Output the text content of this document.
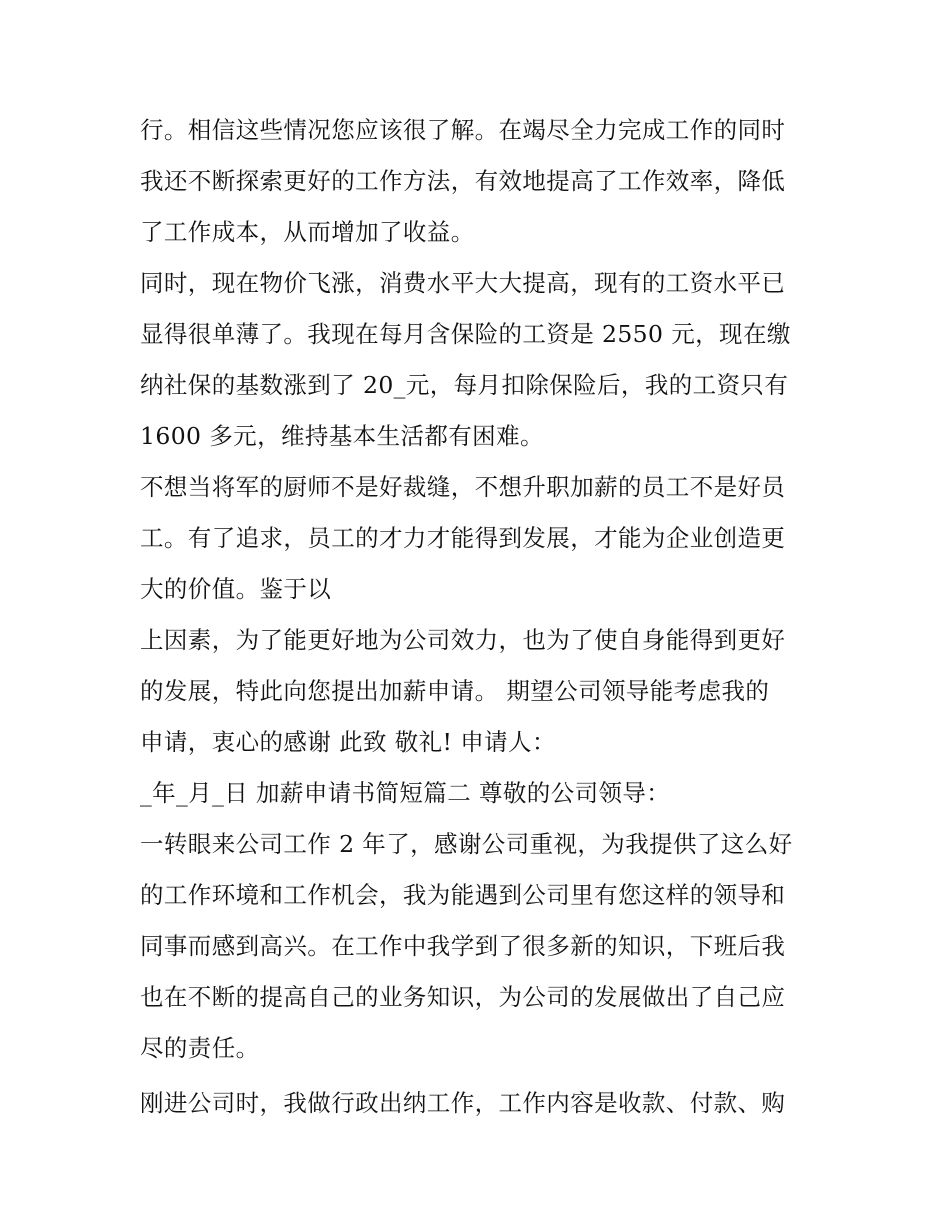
行。相信这些情况您应该很了解。在竭尽全力完成工作的同时
我还不断探索更好的工作方法，有效地提高了工作效率，降低
了工作成本，从而增加了收益。
同时，现在物价飞涨，消费水平大大提高，现有的工资水平已
显得很单薄了。我现在每月含保险的工资是 2550 元，现在缴
纳社保的基数涨到了 20_元，每月扣除保险后，我的工资只有
1600 多元，维持基本生活都有困难。
不想当将军的厨师不是好裁缝，不想升职加薪的员工不是好员
工。有了追求，员工的才力才能得到发展，才能为企业创造更
大的价值。鉴于以
上因素，为了能更好地为公司效力，也为了使自身能得到更好
的发展，特此向您提出加薪申请。 期望公司领导能考虑我的
申请，衷心的感谢 此致 敬礼! 申请人：
_年_月_日 加薪申请书简短篇二 尊敬的公司领导：
一转眼来公司工作 2 年了，感谢公司重视，为我提供了这么好
的工作环境和工作机会，我为能遇到公司里有您这样的领导和
同事而感到高兴。在工作中我学到了很多新的知识，下班后我
也在不断的提高自己的业务知识，为公司的发展做出了自己应
尽的责任。
刚进公司时，我做行政出纳工作，工作内容是收款、付款、购
